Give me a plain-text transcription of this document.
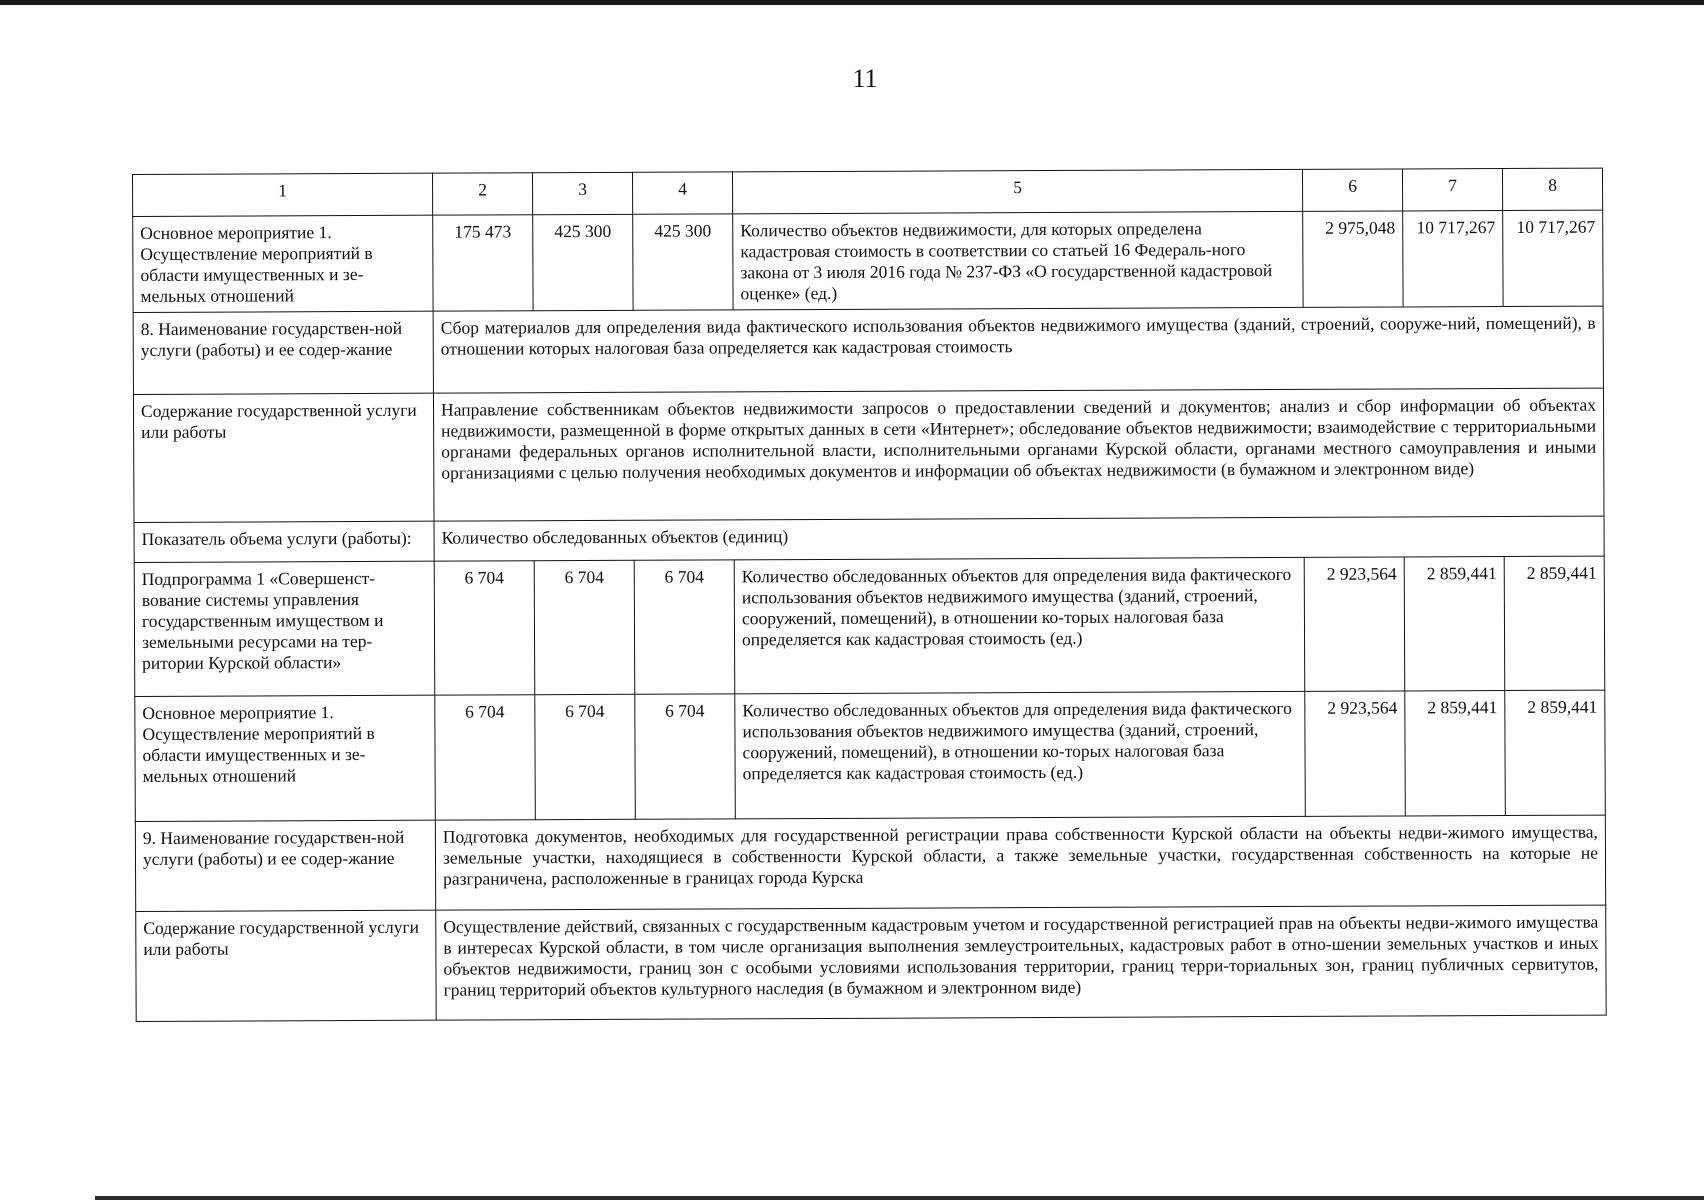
11
1	2	3	4	5	6	7	8
Основное мероприятие 1. Осуществление мероприятий в области имущественных и зе-мельных отношений	175 473	425 300	425 300	Количество объектов недвижимости, для которых определена кадастровая стоимость в соответствии со статьей 16 Федераль-ного закона от 3 июля 2016 года № 237-ФЗ «О государственной кадастровой оценке» (ед.)	2 975,048	10 717,267	10 717,267
8. Наименование государствен-ной услуги (работы) и ее содер-жание	Сбор материалов для определения вида фактического использования объектов недвижимого имущества (зданий, строений, сооруже-ний, помещений), в отношении которых налоговая база определяется как кадастровая стоимость						
Содержание государственной услуги или работы	Направление собственникам объектов недвижимости запросов о предоставлении сведений и документов; анализ и сбор информации об объектах недвижимости, размещенной в форме открытых данных в сети «Интернет»; обследование объектов недвижимости; взаимодействие с территориальными органами федеральных органов исполнительной власти, исполнительными органами Курской области, органами местного самоуправления и иными организациями с целью получения необходимых документов и информации об объектах недвижимости (в бумажном и электронном виде)						
Показатель объема услуги (работы):	Количество обследованных объектов (единиц)						
Подпрограмма 1 «Совершенст-вование системы управления государственным имуществом и земельными ресурсами на тер-ритории Курской области»	6 704	6 704	6 704	Количество обследованных объектов для определения вида фактического использования объектов недвижимого имущества (зданий, строений, сооружений, помещений), в отношении ко-торых налоговая база определяется как кадастровая стоимость (ед.)	2 923,564	2 859,441	2 859,441
Основное мероприятие 1. Осуществление мероприятий в области имущественных и зе-мельных отношений	6 704	6 704	6 704	Количество обследованных объектов для определения вида фактического использования объектов недвижимого имущества (зданий, строений, сооружений, помещений), в отношении ко-торых налоговая база определяется как кадастровая стоимость (ед.)	2 923,564	2 859,441	2 859,441
9. Наименование государствен-ной услуги (работы) и ее содер-жание	Подготовка документов, необходимых для государственной регистрации права собственности Курской области на объекты недви-жимого имущества, земельные участки, находящиеся в собственности Курской области, а также земельные участки, государственная собственность на которые не разграничена, расположенные в границах города Курска						
Содержание государственной услуги или работы	Осуществление действий, связанных с государственным кадастровым учетом и государственной регистрацией прав на объекты недви-жимого имущества в интересах Курской области, в том числе организация выполнения землеустроительных, кадастровых работ в отно-шении земельных участков и иных объектов недвижимости, границ зон с особыми условиями использования территории, границ терри-ториальных зон, границ публичных сервитутов, границ территорий объектов культурного наследия (в бумажном и электронном виде)						
